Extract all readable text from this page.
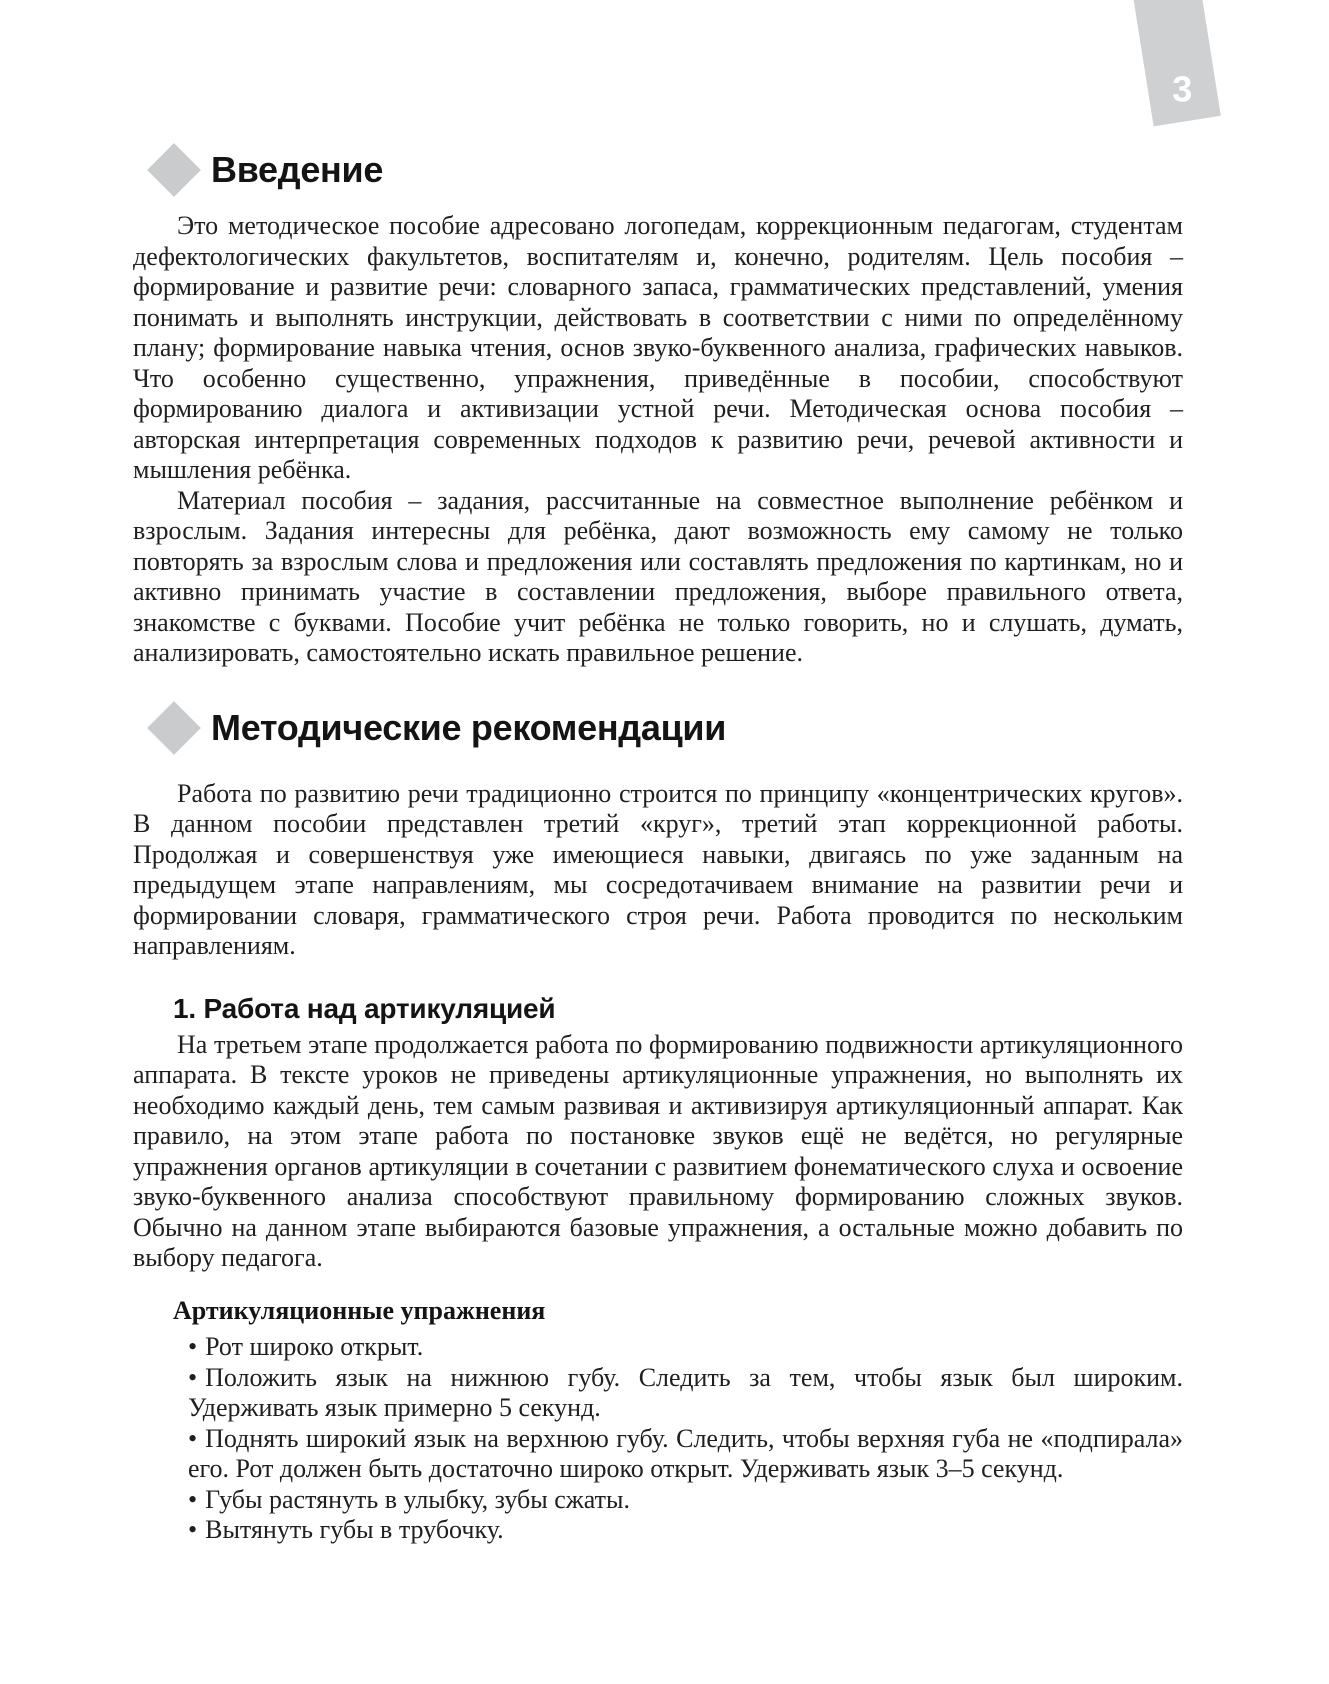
3
Введение

Это методическое пособие адресовано логопедам, коррекционным педагогам, студентам дефектологических факультетов, воспитателям и, конечно, родителям. Цель пособия – формирование и развитие речи: словарного запаса, грамматических представлений, умения понимать и выполнять инструкции, действовать в соответствии с ними по определённому плану; формирование навыка чтения, основ звуко-буквенного анализа, графических навыков. Что особенно существенно, упражнения, приведённые в пособии, способствуют формированию диалога и активизации устной речи. Методическая основа пособия – авторская интерпретация современных подходов к развитию речи, речевой активности и мышления ребёнка.

Материал пособия – задания, рассчитанные на совместное выполнение ребёнком и взрослым. Задания интересны для ребёнка, дают возможность ему самому не только повторять за взрослым слова и предложения или составлять предложения по картинкам, но и активно принимать участие в составлении предложения, выборе правильного ответа, знакомстве с буквами. Пособие учит ребёнка не только говорить, но и слушать, думать, анализировать, самостоятельно искать правильное решение.

Методические рекомендации

Работа по развитию речи традиционно строится по принципу «концентрических кругов». В данном пособии представлен третий «круг», третий этап коррекционной работы. Продолжая и совершенствуя уже имеющиеся навыки, двигаясь по уже заданным на предыдущем этапе направлениям, мы сосредотачиваем внимание на развитии речи и формировании словаря, грамматического строя речи. Работа проводится по нескольким направлениям.

1. Работа над артикуляцией

На третьем этапе продолжается работа по формированию подвижности артикуляционного аппарата. В тексте уроков не приведены артикуляционные упражнения, но выполнять их необходимо каждый день, тем самым развивая и активизируя артикуляционный аппарат. Как правило, на этом этапе работа по постановке звуков ещё не ведётся, но регулярные упражнения органов артикуляции в сочетании с развитием фонематического слуха и освоение звуко-буквенного анализа способствуют правильному формированию сложных звуков. Обычно на данном этапе выбираются базовые упражнения, а остальные можно добавить по выбору педагога.

Артикуляционные упражнения
• Рот широко открыт.
• Положить язык на нижнюю губу. Следить за тем, чтобы язык был широким. Удерживать язык примерно 5 секунд.
• Поднять широкий язык на верхнюю губу. Следить, чтобы верхняя губа не «подпирала» его. Рот должен быть достаточно широко открыт. Удерживать язык 3–5 секунд.
• Губы растянуть в улыбку, зубы сжаты.
• Вытянуть губы в трубочку.
